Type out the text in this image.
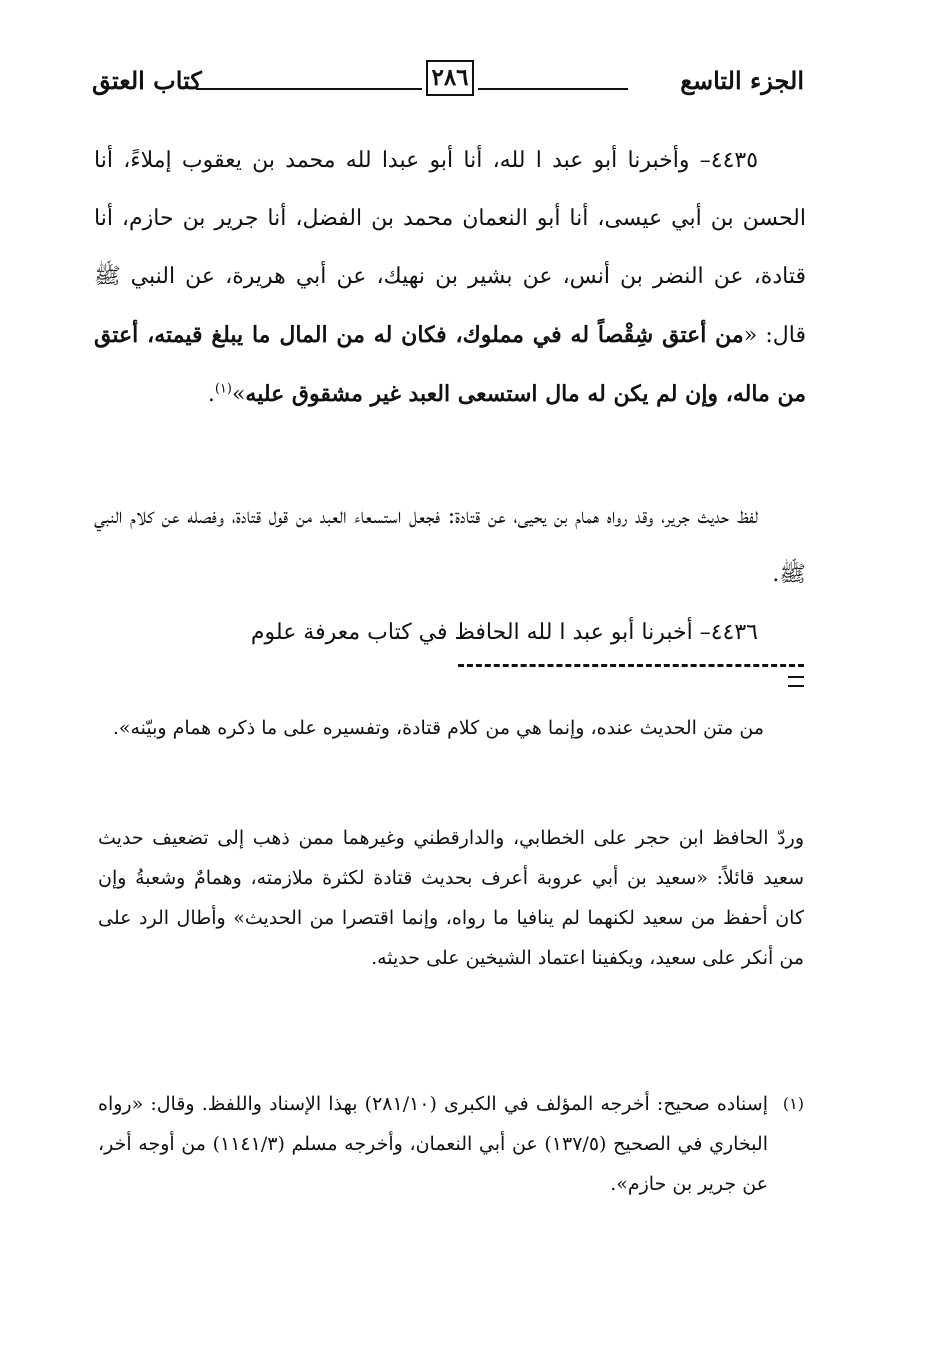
الجزء التاسع
٢٨٦
كتاب العتق
٤٤٣٥– وأخبرنا أبو عبد ا لله، أنا أبو عبدا لله محمد بن يعقوب إملاءً، أنا الحسن بن أبي عيسى، أنا أبو النعمان محمد بن الفضل، أنا جرير بن حازم، أنا قتادة، عن النضر بن أنس، عن بشير بن نهيك، عن أبي هريرة، عن النبي ﷺ قال: «من أعتق شِقْصاً له في مملوك، فكان له من المال ما يبلغ قيمته، أعتق من ماله، وإن لم يكن له مال استسعى العبد غير مشقوق عليه»$^{(١)}$.
لفظ حديث جرير، وقد رواه همام بن يحيى، عن قتادة: فجعل استسعاء العبد من قول قتادة، وفصله عن كلام النبي ﷺ.
٤٤٣٦– أخبرنا أبو عبد ا لله الحافظ في كتاب معرفة علوم
من متن الحديث عنده، وإنما هي من كلام قتادة، وتفسيره على ما ذكره همام وبيّنه».
وردّ الحافظ ابن حجر على الخطابي، والدارقطني وغيرهما ممن ذهب إلى تضعيف حديث سعيد قائلاً: «سعيد بن أبي عروبة أعرف بحديث قتادة لكثرة ملازمته، وهمامٌ وشعبةُ وإن كان أحفظ من سعيد لكنهما لم ينافيا ما رواه، وإنما اقتصرا من الحديث» وأطال الرد على من أنكر على سعيد، ويكفينا اعتماد الشيخين على حديثه.
(١)
إسناده صحيح: أخرجه المؤلف في الكبرى (٢٨١/١٠) بهذا الإسناد واللفظ. وقال: «رواه البخاري في الصحيح (١٣٧/٥) عن أبي النعمان، وأخرجه مسلم (١١٤١/٣) من أوجه أخر، عن جرير بن حازم».
